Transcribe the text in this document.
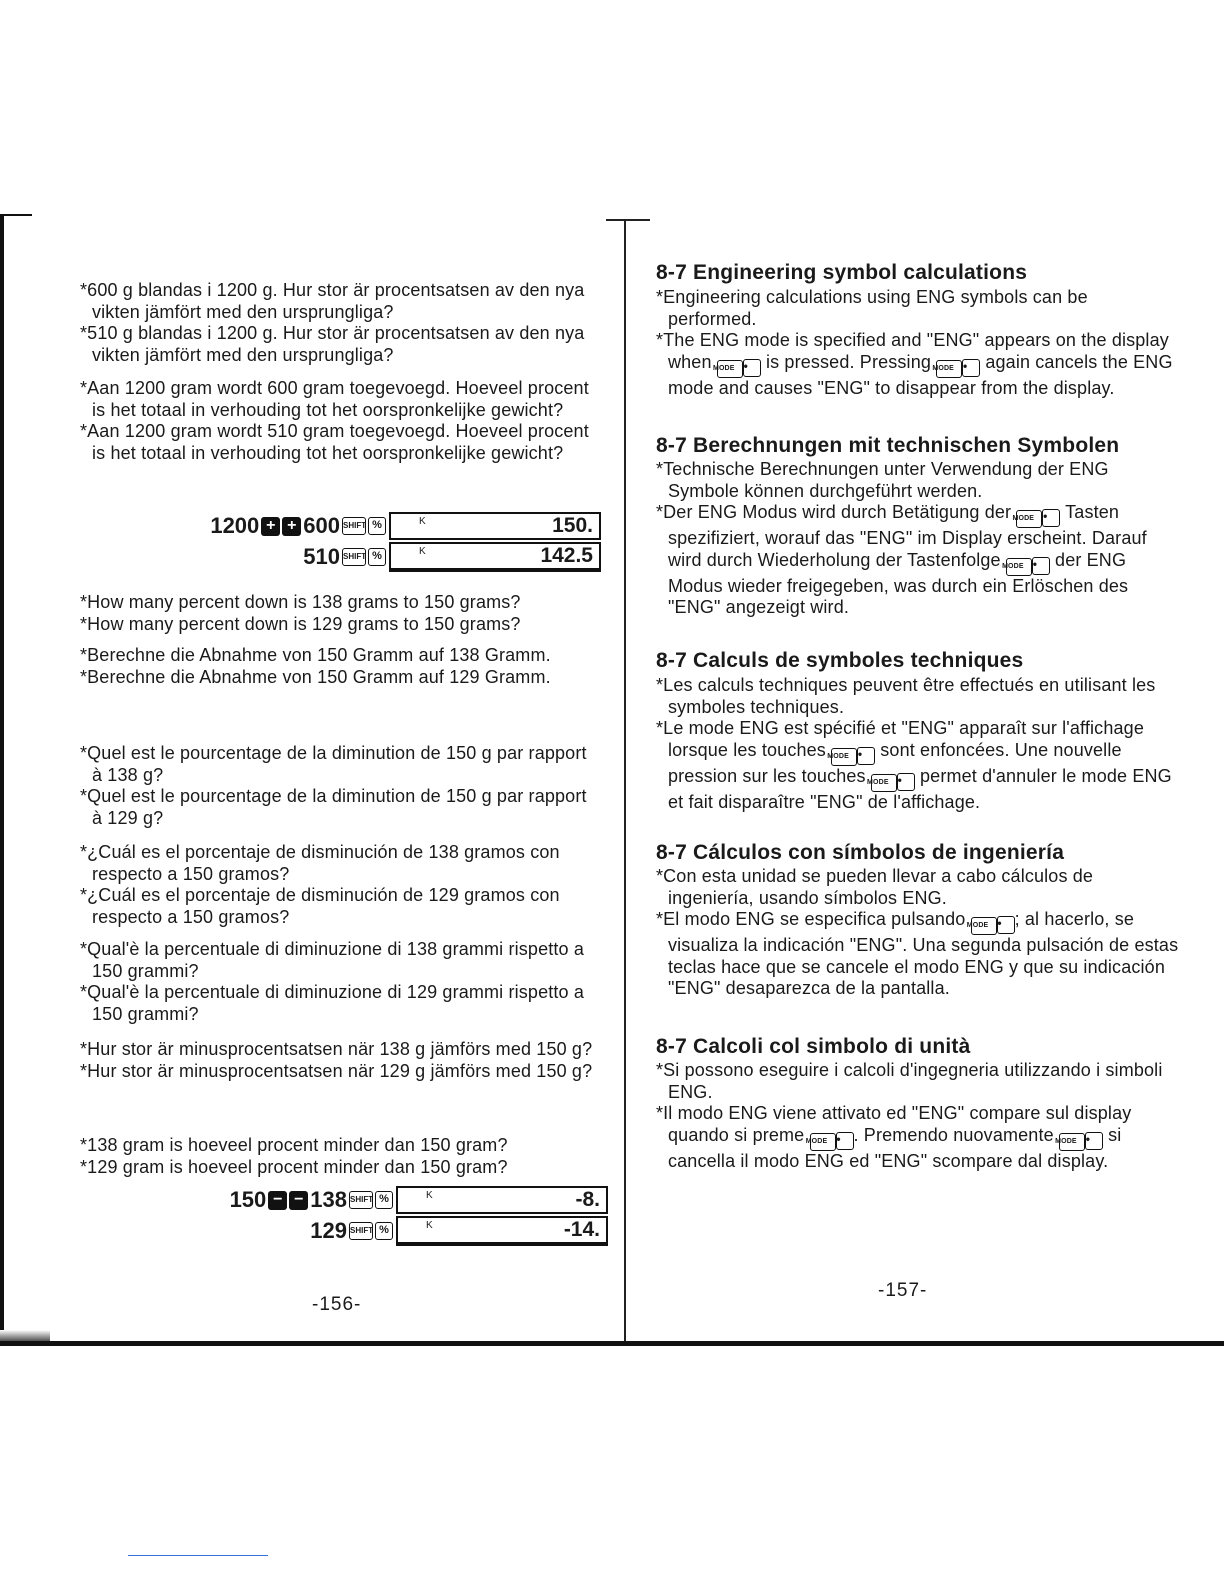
*600 g blandas i 1200 g. Hur stor är procentsatsen av den nya vikten jämfört med den ursprungliga?
*510 g blandas i 1200 g. Hur stor är procentsatsen av den nya vikten jämfört med den ursprungliga?
*Aan 1200 gram wordt 600 gram toegevoegd. Hoeveel procent is het totaal in verhouding tot het oorspronkelijke gewicht?
*Aan 1200 gram wordt 510 gram toegevoegd. Hoeveel procent is het totaal in verhouding tot het oorspronkelijke gewicht?
1200 + + 600 SHIFT %	K	150.
510 SHIFT %	K	142.5
*How many percent down is 138 grams to 150 grams?
*How many percent down is 129 grams to 150 grams?
*Berechne die Abnahme von 150 Gramm auf 138 Gramm.
*Berechne die Abnahme von 150 Gramm auf 129 Gramm.
*Quel est le pourcentage de la diminution de 150 g par rapport à 138 g?
*Quel est le pourcentage de la diminution de 150 g par rapport à 129 g?
*¿Cuál es el porcentaje de disminución de 138 gramos con respecto a 150 gramos?
*¿Cuál es el porcentaje de disminución de 129 gramos con respecto a 150 gramos?
*Qual'è la percentuale di diminuzione di 138 grammi rispetto a 150 grammi?
*Qual'è la percentuale di diminuzione di 129 grammi rispetto a 150 grammi?
*Hur stor är minusprocentsatsen när 138 g jämförs med 150 g?
*Hur stor är minusprocentsatsen när 129 g jämförs med 150 g?
*138 gram is hoeveel procent minder dan 150 gram?
*129 gram is hoeveel procent minder dan 150 gram?
150 − − 138 SHIFT %	K	-8.
129 SHIFT %	K	-14.
-156-
8-7 Engineering symbol calculations
*Engineering calculations using ENG symbols can be performed.
*The ENG mode is specified and "ENG" appears on the display when MODE • is pressed. Pressing MODE • again cancels the ENG mode and causes "ENG" to disappear from the display.
8-7 Berechnungen mit technischen Symbolen
*Technische Berechnungen unter Verwendung der ENG Symbole können durchgeführt werden.
*Der ENG Modus wird durch Betätigung der MODE • Tasten spezifiziert, worauf das "ENG" im Display erscheint. Darauf wird durch Wiederholung der Tastenfolge MODE • der ENG Modus wieder freigegeben, was durch ein Erlöschen des "ENG" angezeigt wird.
8-7 Calculs de symboles techniques
*Les calculs techniques peuvent être effectués en utilisant les symboles techniques.
*Le mode ENG est spécifié et "ENG" apparaît sur l'affichage lorsque les touches MODE • sont enfoncées. Une nouvelle pression sur les touches MODE • permet d'annuler le mode ENG et fait disparaître "ENG" de l'affichage.
8-7 Cálculos con símbolos de ingeniería
*Con esta unidad se pueden llevar a cabo cálculos de ingeniería, usando símbolos ENG.
*El modo ENG se especifica pulsando MODE • ; al hacerlo, se visualiza la indicación "ENG". Una segunda pulsación de estas teclas hace que se cancele el modo ENG y que su indicación "ENG" desaparezca de la pantalla.
8-7 Calcoli col simbolo di unità
*Si possono eseguire i calcoli d'ingegneria utilizzando i simboli ENG.
*Il modo ENG viene attivato ed "ENG" compare sul display quando si preme MODE • . Premendo nuovamente MODE • si cancella il modo ENG ed "ENG" scompare dal display.
-157-
